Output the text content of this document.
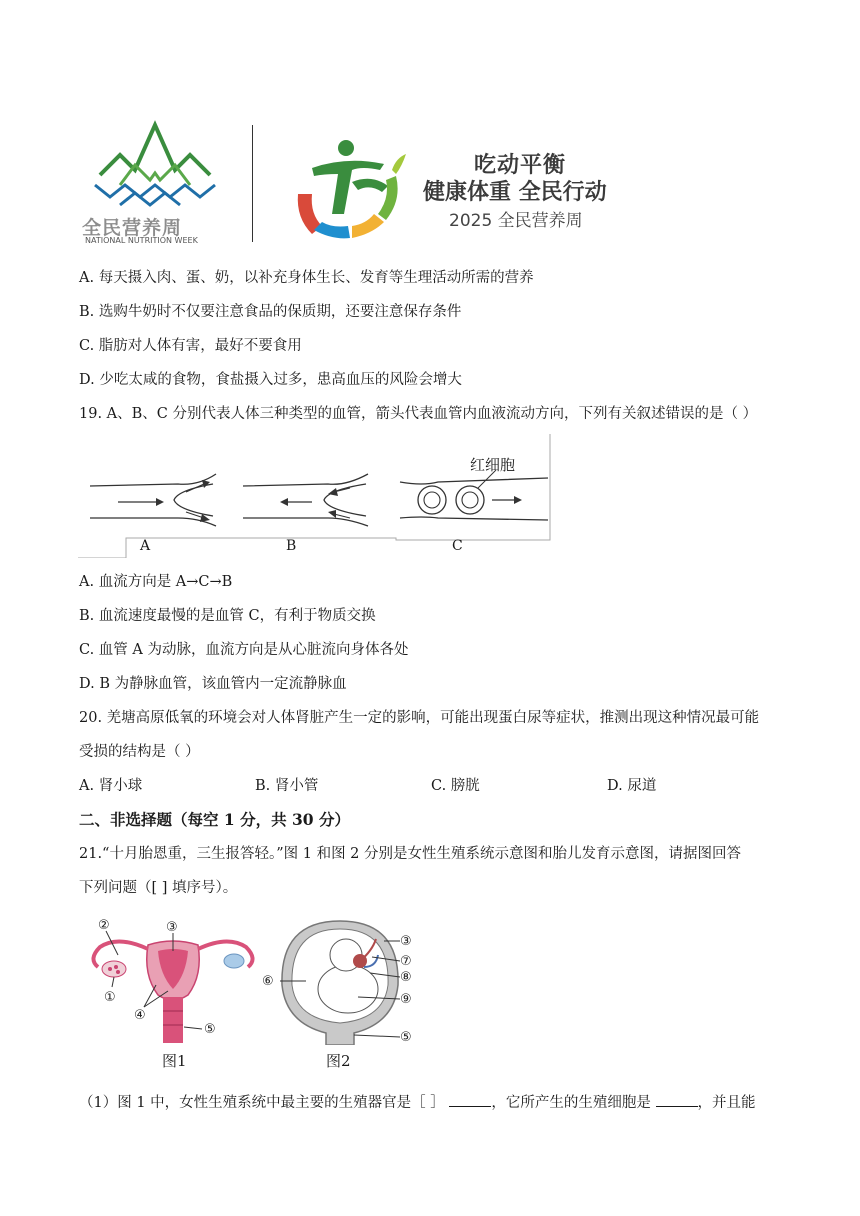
全民营养周
NATIONAL NUTRITION WEEK
吃动平衡
健康体重 全民行动
2025 全民营养周
A. 每天摄入肉、蛋、奶，以补充身体生长、发育等生理活动所需的营养
B. 选购牛奶时不仅要注意食品的保质期，还要注意保存条件
C. 脂肪对人体有害，最好不要食用
D. 少吃太咸的食物，食盐摄入过多，患高血压的风险会增大
19. A、B、C 分别代表人体三种类型的血管，箭头代表血管内血液流动方向，下列有关叙述错误的是（ ）
A	B	C
红细胞
A. 血流方向是 A→C→B
B. 血流速度最慢的是血管 C，有利于物质交换
C. 血管 A 为动脉，血流方向是从心脏流向身体各处
D. B 为静脉血管，该血管内一定流静脉血
20. 羌塘高原低氧的环境会对人体肾脏产生一定的影响，可能出现蛋白尿等症状，推测出现这种情况最可能
受损的结构是（ ）
A. 肾小球	B. 肾小管	C. 膀胱	D. 尿道
二、非选择题（每空 1 分，共 30 分）
21.“十月胎恩重，三生报答轻。”图 1 和图 2 分别是女性生殖系统示意图和胎儿发育示意图，请据图回答
下列问题（[ ] 填序号）。
②	③
①
④
⑤
图1
③
⑦
⑥	⑧
⑨
⑤
图2
（1）图 1 中，女性生殖系统中最主要的生殖器官是［ ］	，它所产生的生殖细胞是	，并且能
